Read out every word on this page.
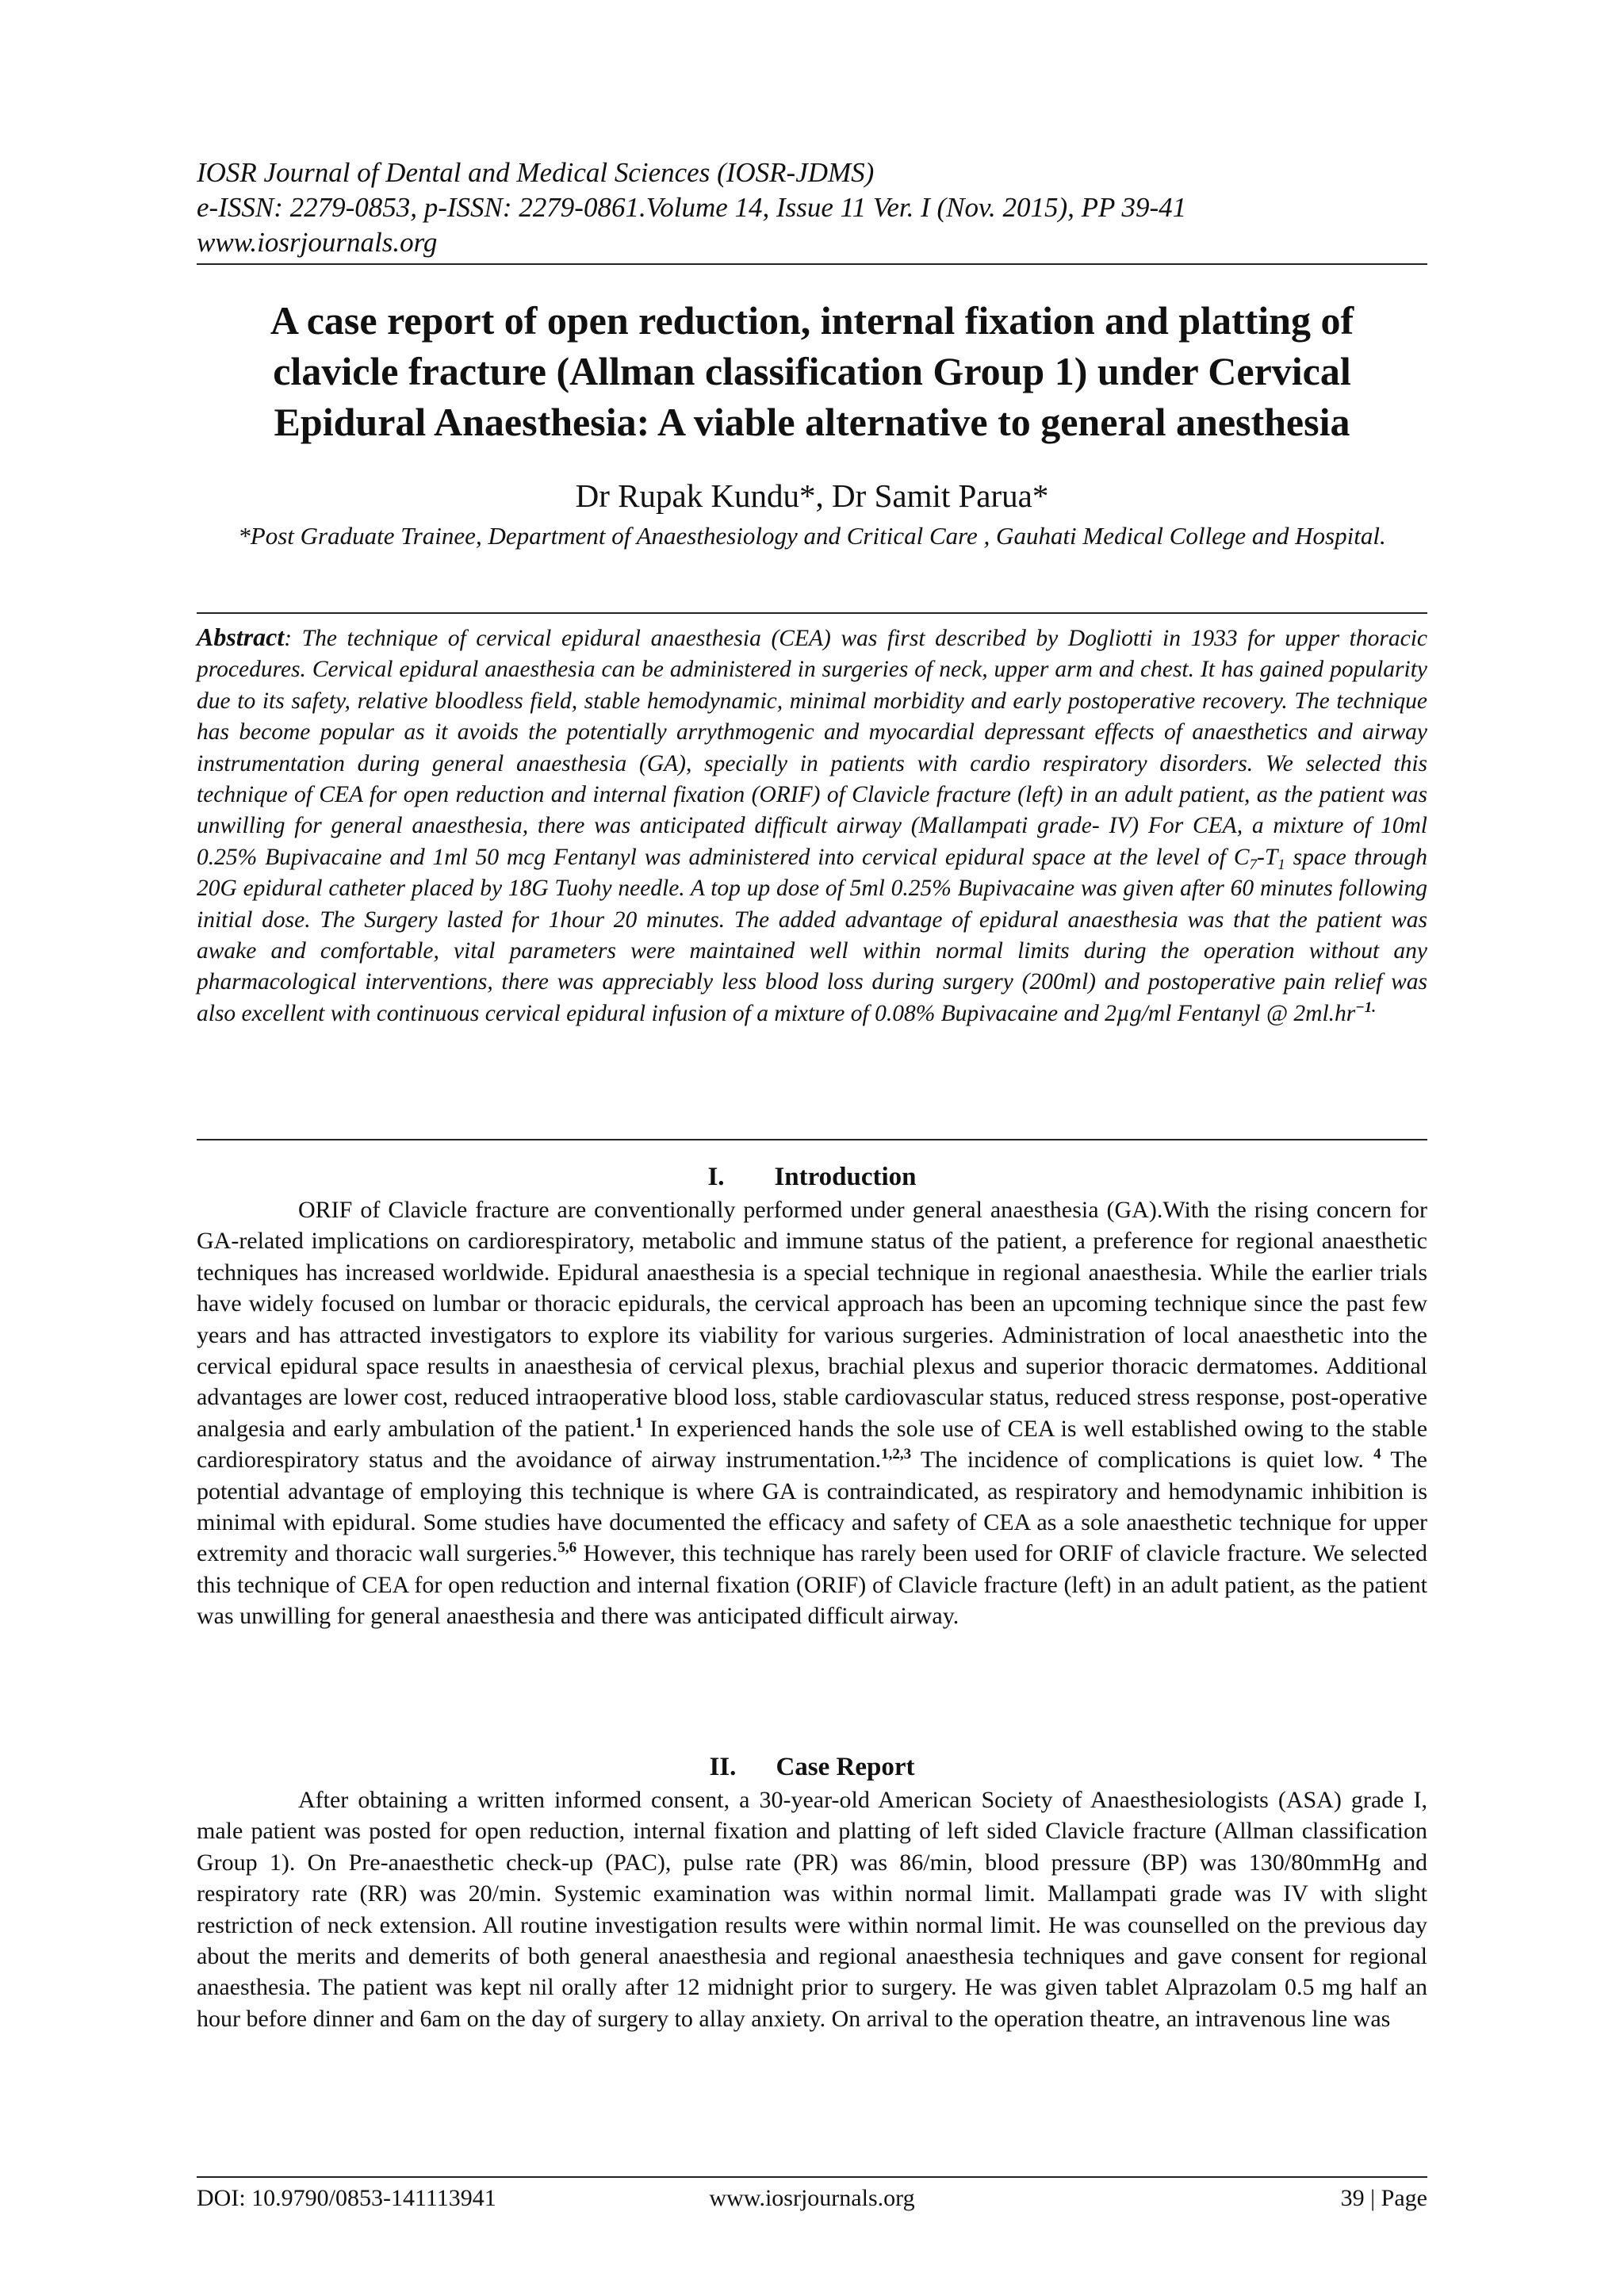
IOSR Journal of Dental and Medical Sciences (IOSR-JDMS)
e-ISSN: 2279-0853, p-ISSN: 2279-0861.Volume 14, Issue 11 Ver. I (Nov. 2015), PP 39-41
www.iosrjournals.org
A case report of open reduction, internal fixation and platting of
clavicle fracture (Allman classification Group 1) under Cervical
Epidural Anaesthesia: A viable alternative to general anesthesia
Dr Rupak Kundu*, Dr Samit Parua*
*Post Graduate Trainee, Department of Anaesthesiology and Critical Care , Gauhati Medical College and Hospital.
Abstract: The technique of cervical epidural anaesthesia (CEA) was first described by Dogliotti in 1933 for upper thoracic procedures. Cervical epidural anaesthesia can be administered in surgeries of neck, upper arm and chest. It has gained popularity due to its safety, relative bloodless field, stable hemodynamic, minimal morbidity and early postoperative recovery. The technique has become popular as it avoids the potentially arrythmogenic and myocardial depressant effects of anaesthetics and airway instrumentation during general anaesthesia (GA), specially in patients with cardio respiratory disorders. We selected this technique of CEA for open reduction and internal fixation (ORIF) of Clavicle fracture (left) in an adult patient, as the patient was unwilling for general anaesthesia, there was anticipated difficult airway (Mallampati grade- IV) For CEA, a mixture of 10ml 0.25% Bupivacaine and 1ml 50 mcg Fentanyl was administered into cervical epidural space at the level of $C_7-T_1$ space through 20G epidural catheter placed by 18G Tuohy needle. A top up dose of 5ml 0.25% Bupivacaine was given after 60 minutes following initial dose. The Surgery lasted for 1hour 20 minutes. The added advantage of epidural anaesthesia was that the patient was awake and comfortable, vital parameters were maintained well within normal limits during the operation without any pharmacological interventions, there was appreciably less blood loss during surgery (200ml) and postoperative pain relief was also excellent with continuous cervical epidural infusion of a mixture of 0.08% Bupivacaine and 2µg/ml Fentanyl @ $2ml.hr^{-1.}$
I. Introduction
ORIF of Clavicle fracture are conventionally performed under general anaesthesia (GA).With the rising concern for GA-related implications on cardiorespiratory, metabolic and immune status of the patient, a preference for regional anaesthetic techniques has increased worldwide. Epidural anaesthesia is a special technique in regional anaesthesia. While the earlier trials have widely focused on lumbar or thoracic epidurals, the cervical approach has been an upcoming technique since the past few years and has attracted investigators to explore its viability for various surgeries. Administration of local anaesthetic into the cervical epidural space results in anaesthesia of cervical plexus, brachial plexus and superior thoracic dermatomes. Additional advantages are lower cost, reduced intraoperative blood loss, stable cardiovascular status, reduced stress response, post-operative analgesia and early ambulation of the patient.$^1$ In experienced hands the sole use of CEA is well established owing to the stable cardiorespiratory status and the avoidance of airway instrumentation.$^{1,2,3}$ The incidence of complications is quiet low. $^4$ The potential advantage of employing this technique is where GA is contraindicated, as respiratory and hemodynamic inhibition is minimal with epidural. Some studies have documented the efficacy and safety of CEA as a sole anaesthetic technique for upper extremity and thoracic wall surgeries.$^{5,6}$ However, this technique has rarely been used for ORIF of clavicle fracture. We selected this technique of CEA for open reduction and internal fixation (ORIF) of Clavicle fracture (left) in an adult patient, as the patient was unwilling for general anaesthesia and there was anticipated difficult airway.
II. Case Report
After obtaining a written informed consent, a 30-year-old American Society of Anaesthesiologists (ASA) grade I, male patient was posted for open reduction, internal fixation and platting of left sided Clavicle fracture (Allman classification Group 1). On Pre-anaesthetic check-up (PAC), pulse rate (PR) was 86/min, blood pressure (BP) was 130/80mmHg and respiratory rate (RR) was 20/min. Systemic examination was within normal limit. Mallampati grade was IV with slight restriction of neck extension. All routine investigation results were within normal limit. He was counselled on the previous day about the merits and demerits of both general anaesthesia and regional anaesthesia techniques and gave consent for regional anaesthesia. The patient was kept nil orally after 12 midnight prior to surgery. He was given tablet Alprazolam 0.5 mg half an hour before dinner and 6am on the day of surgery to allay anxiety. On arrival to the operation theatre, an intravenous line was
DOI: 10.9790/0853-141113941	www.iosrjournals.org	39 | Page
